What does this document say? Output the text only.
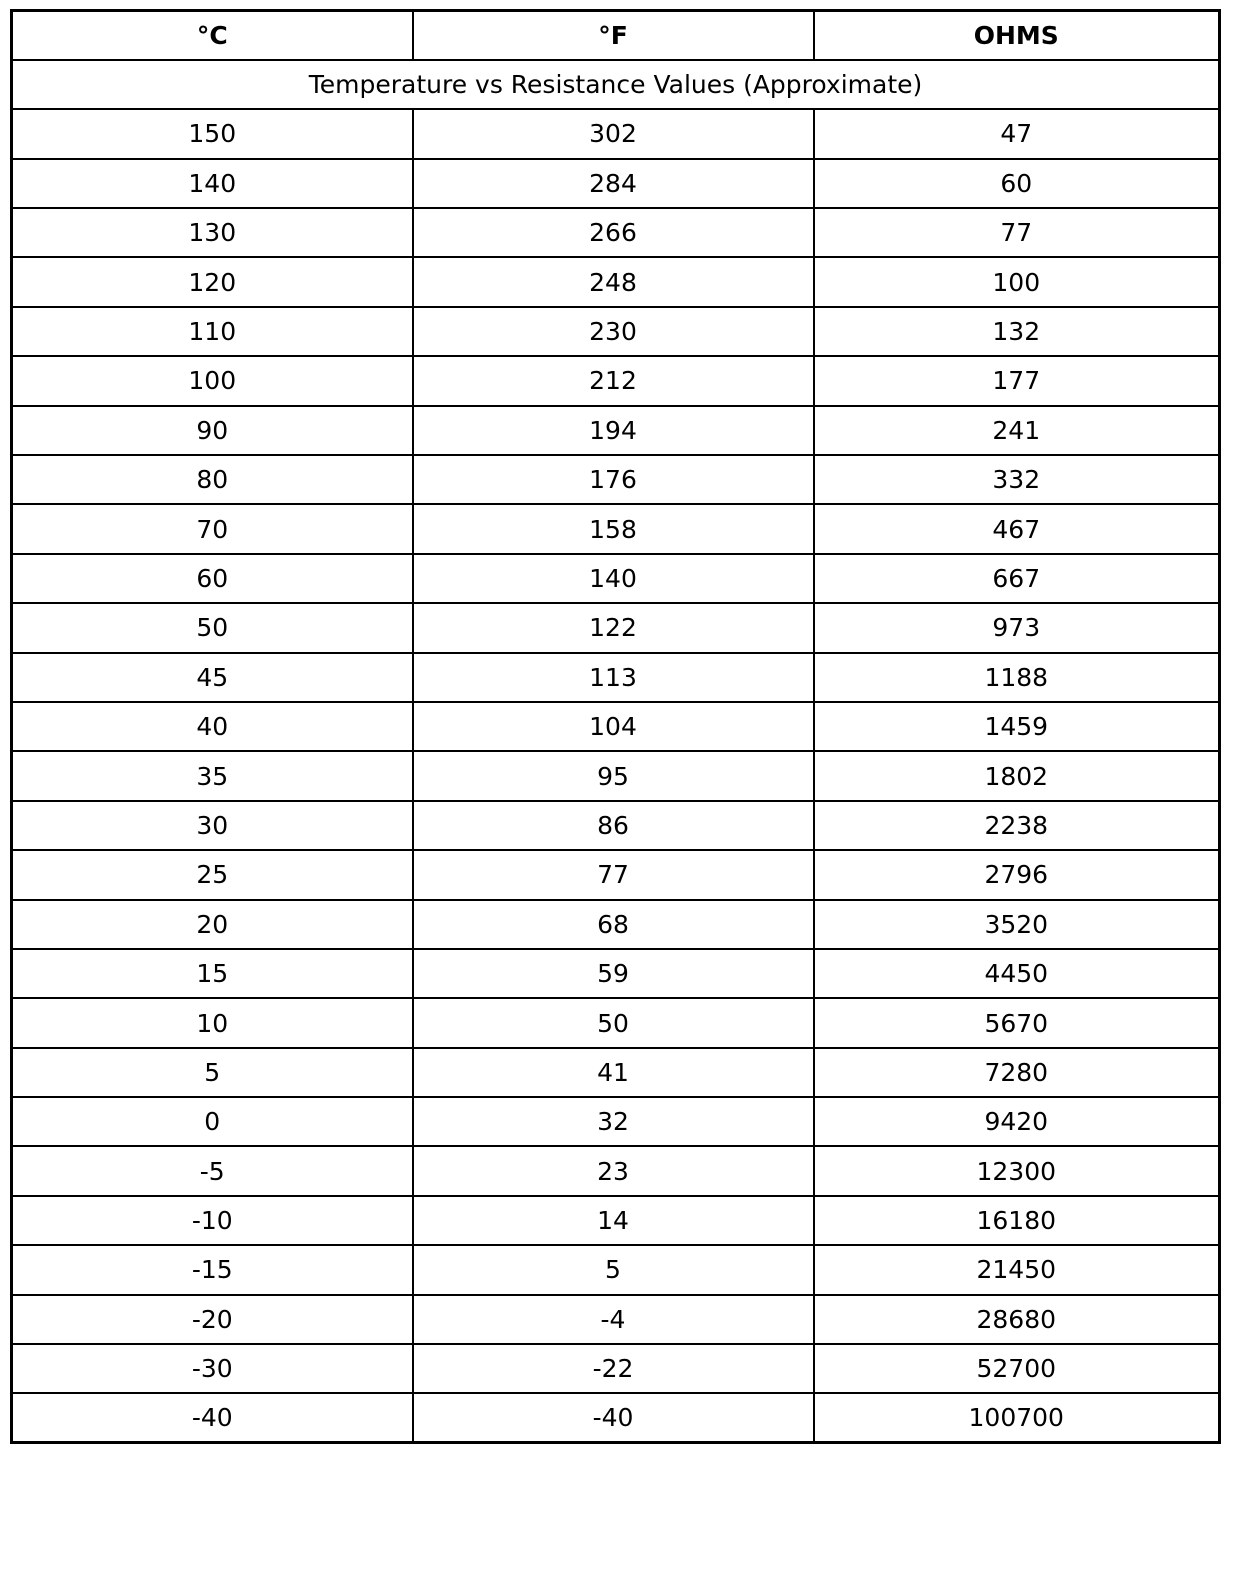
°C	°F	OHMS
Temperature vs Resistance Values (Approximate)		
150	302	47
140	284	60
130	266	77
120	248	100
110	230	132
100	212	177
90	194	241
80	176	332
70	158	467
60	140	667
50	122	973
45	113	1188
40	104	1459
35	95	1802
30	86	2238
25	77	2796
20	68	3520
15	59	4450
10	50	5670
5	41	7280
0	32	9420
-5	23	12300
-10	14	16180
-15	5	21450
-20	-4	28680
-30	-22	52700
-40	-40	100700
